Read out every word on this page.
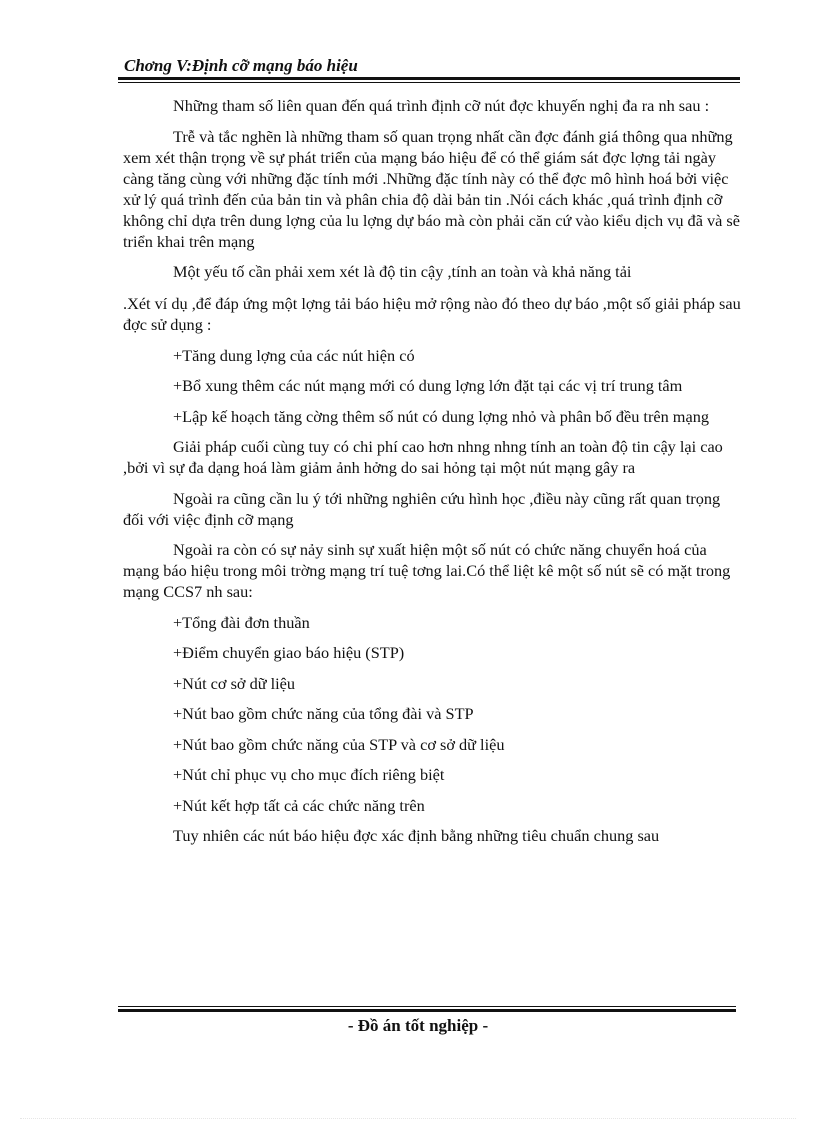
Chơng V:Định cỡ mạng báo hiệu

Những tham số liên quan đến quá trình định cỡ nút đợc khuyến nghị đa ra nh sau :

Trễ và tắc nghẽn là những tham số quan trọng nhất cần đợc đánh giá thông qua những xem xét thận trọng về sự phát triển của mạng báo hiệu để có thể giám sát đợc lợng tải ngày càng tăng cùng với những đặc tính mới .Những đặc tính này có thể đợc mô hình hoá bởi việc xử lý quá trình đến của bản tin và phân chia độ dài bản tin .Nói cách khác ,quá trình định cỡ không chỉ dựa trên dung lợng của lu lợng dự báo mà còn phải căn cứ vào kiểu dịch vụ đã và sẽ triển khai trên mạng

Một yếu tố cần phải xem xét là độ tin cậy ,tính an toàn và khả năng tải

.Xét ví dụ ,để đáp ứng một lợng tải báo hiệu mở rộng nào đó theo dự báo ,một số giải pháp sau đợc sử dụng :

+Tăng dung lợng của các nút hiện có

+Bổ xung thêm các nút mạng mới có dung lợng lớn đặt tại các vị trí trung tâm

+Lập kế hoạch tăng cờng thêm số nút có dung lợng nhỏ và phân bố đều trên mạng

Giải pháp cuối cùng tuy có chi phí cao hơn nhng nhng tính an toàn độ tin cậy lại cao ,bởi vì sự đa dạng hoá làm giảm ảnh hởng do sai hỏng tại một nút mạng gây ra

Ngoài ra cũng cần lu ý tới những nghiên cứu hình học ,điều này cũng rất quan trọng đối với việc định cỡ mạng

Ngoài ra còn có sự nảy sinh sự xuất hiện một số nút có chức năng chuyển hoá của mạng báo hiệu trong môi trờng mạng trí tuệ tơng lai.Có thể liệt kê một số nút sẽ có mặt trong mạng CCS7 nh sau:

+Tổng đài đơn thuần

+Điểm chuyển giao báo hiệu (STP)

+Nút cơ sở dữ liệu

+Nút bao gồm chức năng của tổng đài và STP

+Nút bao gồm chức năng của STP và cơ sở dữ liệu

+Nút chỉ phục vụ cho mục đích riêng biệt

+Nút kết hợp tất cả các chức năng trên

Tuy nhiên các nút báo hiệu đợc xác định bằng những tiêu chuẩn chung sau

- Đồ án tốt nghiệp -
